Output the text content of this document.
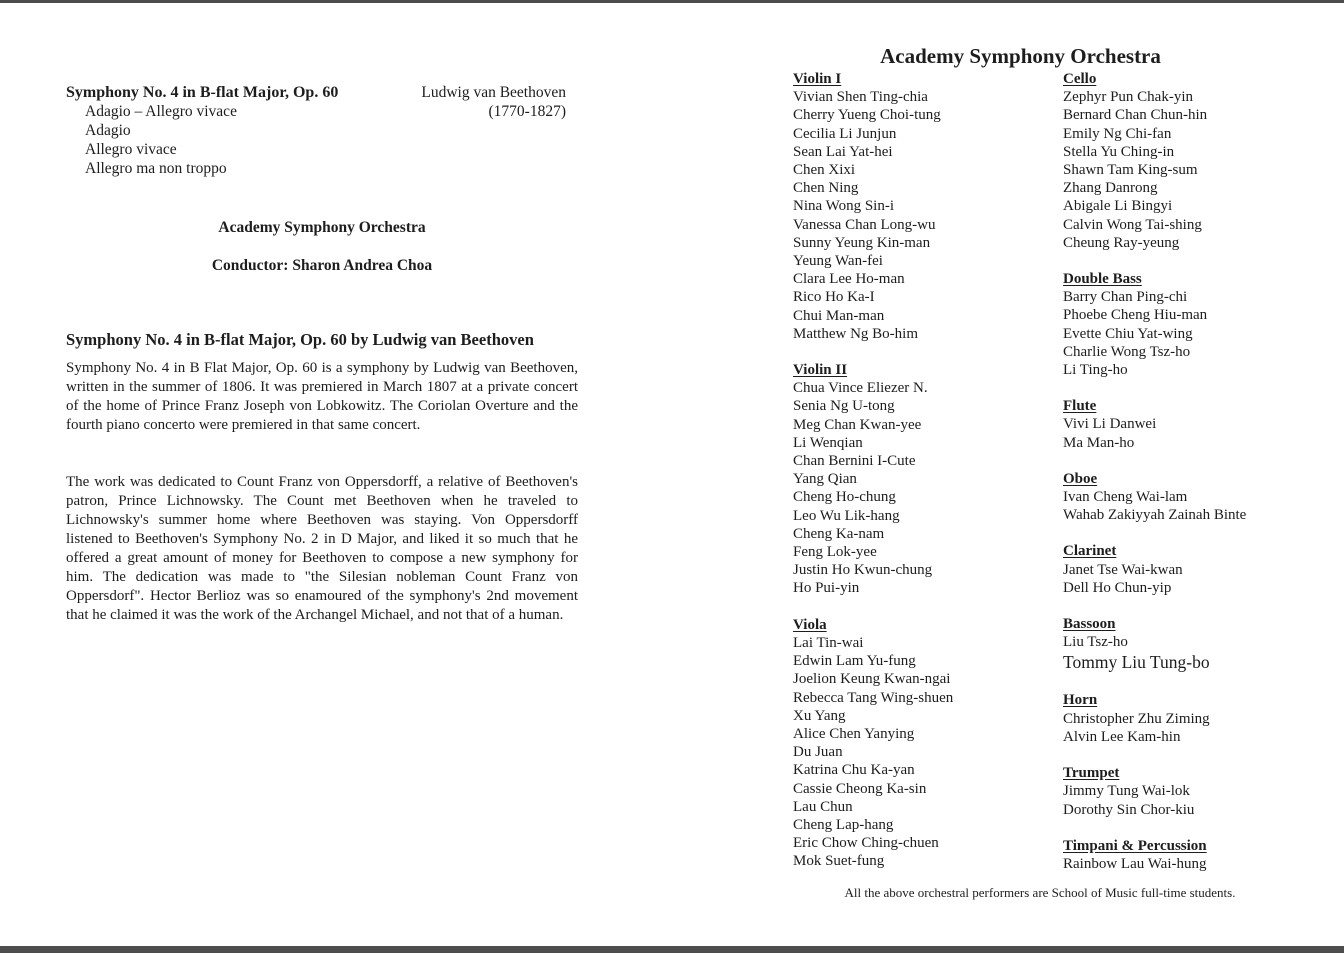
Symphony No. 4 in B-flat Major, Op. 60
Adagio – Allegro vivace
Adagio
Allegro vivace
Allegro ma non troppo
Ludwig van Beethoven
(1770-1827)
Academy Symphony Orchestra
Conductor: Sharon Andrea Choa
Symphony No. 4 in B-flat Major, Op. 60 by Ludwig van Beethoven

Symphony No. 4 in B Flat Major, Op. 60 is a symphony by Ludwig van Beethoven, written in the summer of 1806. It was premiered in March 1807 at a private concert of the home of Prince Franz Joseph von Lobkowitz. The Coriolan Overture and the fourth piano concerto were premiered in that same concert.

The work was dedicated to Count Franz von Oppersdorff, a relative of Beethoven's patron, Prince Lichnowsky. The Count met Beethoven when he traveled to Lichnowsky's summer home where Beethoven was staying. Von Oppersdorff listened to Beethoven's Symphony No. 2 in D Major, and liked it so much that he offered a great amount of money for Beethoven to compose a new symphony for him. The dedication was made to "the Silesian nobleman Count Franz von Oppersdorf". Hector Berlioz was so enamoured of the symphony's 2nd movement that he claimed it was the work of the Archangel Michael, and not that of a human.

Academy Symphony Orchestra
Violin I
Vivian Shen Ting-chia
Cherry Yueng Choi-tung
Cecilia Li Junjun
Sean Lai Yat-hei
Chen Xixi
Chen Ning
Nina Wong Sin-i
Vanessa Chan Long-wu
Sunny Yeung Kin-man
Yeung Wan-fei
Clara Lee Ho-man
Rico Ho Ka-I
Chui Man-man
Matthew Ng Bo-him
Violin II
Chua Vince Eliezer N.
Senia Ng U-tong
Meg Chan Kwan-yee
Li Wenqian
Chan Bernini I-Cute
Yang Qian
Cheng Ho-chung
Leo Wu Lik-hang
Cheng Ka-nam
Feng Lok-yee
Justin Ho Kwun-chung
Ho Pui-yin
Viola
Lai Tin-wai
Edwin Lam Yu-fung
Joelion Keung Kwan-ngai
Rebecca Tang Wing-shuen
Xu Yang
Alice Chen Yanying
Du Juan
Katrina Chu Ka-yan
Cassie Cheong Ka-sin
Lau Chun
Cheng Lap-hang
Eric Chow Ching-chuen
Mok Suet-fung
Cello
Zephyr Pun Chak-yin
Bernard Chan Chun-hin
Emily Ng Chi-fan
Stella Yu Ching-in
Shawn Tam King-sum
Zhang Danrong
Abigale Li Bingyi
Calvin Wong Tai-shing
Cheung Ray-yeung
Double Bass
Barry Chan Ping-chi
Phoebe Cheng Hiu-man
Evette Chiu Yat-wing
Charlie Wong Tsz-ho
Li Ting-ho
Flute
Vivi Li Danwei
Ma Man-ho
Oboe
Ivan Cheng Wai-lam
Wahab Zakiyyah Zainah Binte
Clarinet
Janet Tse Wai-kwan
Dell Ho Chun-yip
Bassoon
Liu Tsz-ho
Tommy Liu Tung-bo
Horn
Christopher Zhu Ziming
Alvin Lee Kam-hin
Trumpet
Jimmy Tung Wai-lok
Dorothy Sin Chor-kiu
Timpani & Percussion
Rainbow Lau Wai-hung
All the above orchestral performers are School of Music full-time students.
